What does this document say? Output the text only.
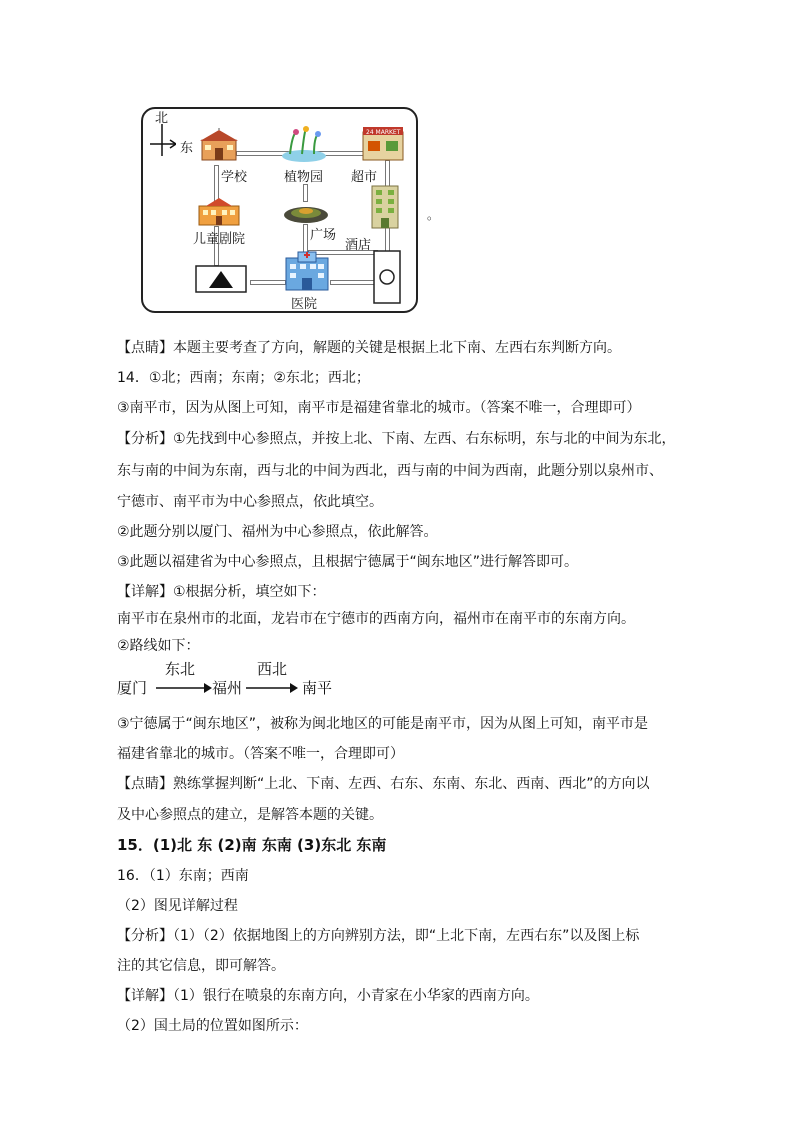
北
东
学校	植物园
24 MARKET
超市
儿童剧院	广场
酒店
医院
。
【点睛】本题主要考查了方向，解题的关键是根据上北下南、左西右东判断方向。
14．①北；西南；东南；②东北；西北；
③南平市，因为从图上可知，南平市是福建省靠北的城市。（答案不唯一，合理即可）
【分析】①先找到中心参照点，并按上北、下南、左西、右东标明，东与北的中间为东北，
东与南的中间为东南，西与北的中间为西北，西与南的中间为西南，此题分别以泉州市、
宁德市、南平市为中心参照点，依此填空。
②此题分别以厦门、福州为中心参照点，依此解答。
③此题以福建省为中心参照点，且根据宁德属于“闽东地区”进行解答即可。
【详解】①根据分析，填空如下：
南平市在泉州市的北面，龙岩市在宁德市的西南方向，福州市在南平市的东南方向。
②路线如下：
厦门
东北
福州
西北
南平
③宁德属于“闽东地区”，被称为闽北地区的可能是南平市，因为从图上可知，南平市是
福建省靠北的城市。（答案不唯一，合理即可）
【点睛】熟练掌握判断“上北、下南、左西、右东、东南、东北、西南、西北”的方向以
及中心参照点的建立，是解答本题的关键。
15．(1)北 东 (2)南 东南 (3)东北 东南
16．（1）东南；西南
（2）图见详解过程
【分析】（1）（2）依据地图上的方向辨别方法，即“上北下南，左西右东”以及图上标
注的其它信息，即可解答。
【详解】（1）银行在喷泉的东南方向，小青家在小华家的西南方向。
（2）国土局的位置如图所示：
